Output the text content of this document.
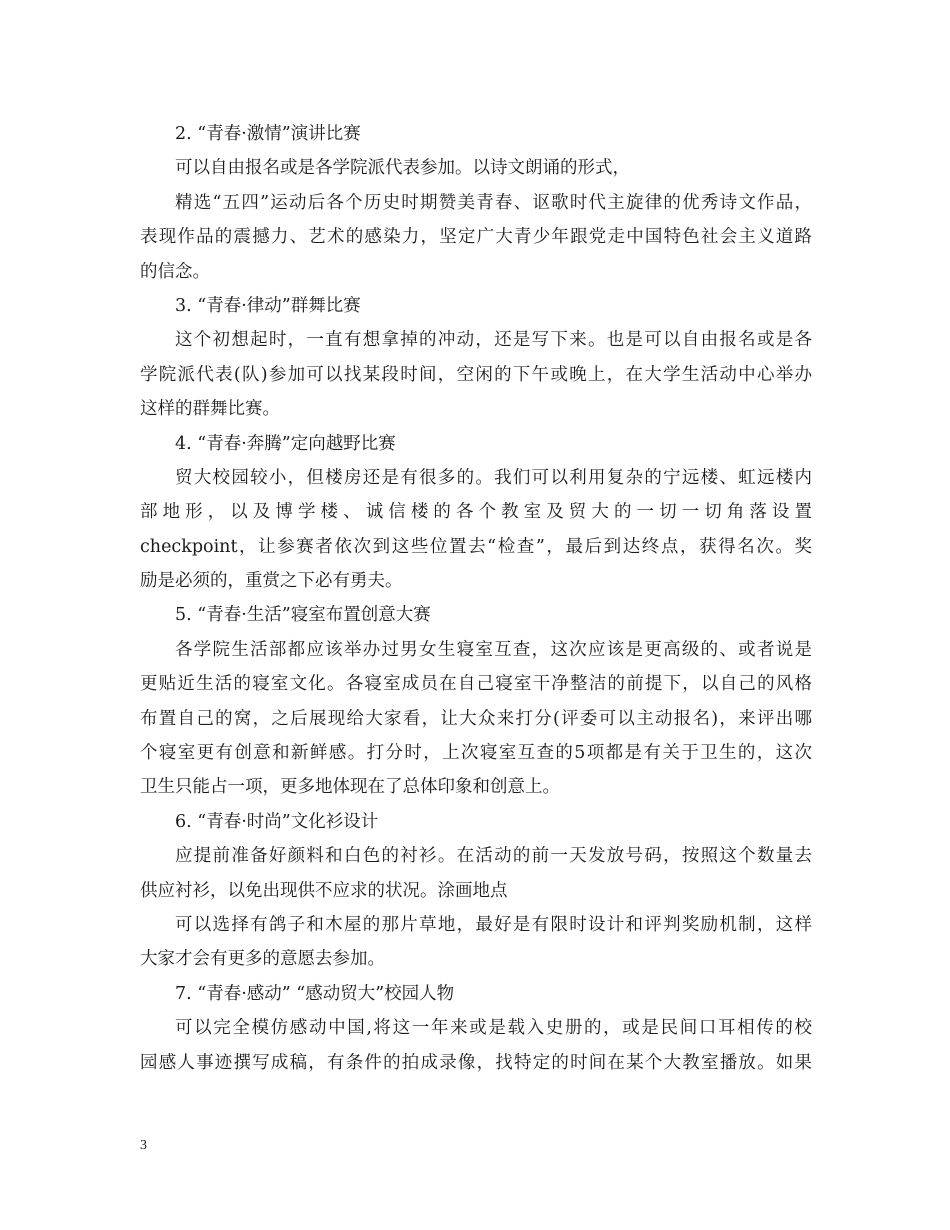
2. “青春·激情”演讲比赛
可以自由报名或是各学院派代表参加。以诗文朗诵的形式，
精选“五四”运动后各个历史时期赞美青春、讴歌时代主旋律的优秀诗文作品，
表现作品的震撼力、艺术的感染力，坚定广大青少年跟党走中国特色社会主义道路
的信念。
3. “青春·律动”群舞比赛
这个初想起时，一直有想拿掉的冲动，还是写下来。也是可以自由报名或是各
学院派代表(队)参加可以找某段时间，空闲的下午或晚上，在大学生活动中心举办
这样的群舞比赛。
4. “青春·奔腾”定向越野比赛
贸大校园较小，但楼房还是有很多的。我们可以利用复杂的宁远楼、虹远楼内
部地形，以及博学楼、诚信楼的各个教室及贸大的一切一切角落设置
checkpoint，让参赛者依次到这些位置去“检查”，最后到达终点，获得名次。奖
励是必须的，重赏之下必有勇夫。
5. “青春·生活”寝室布置创意大赛
各学院生活部都应该举办过男女生寝室互查，这次应该是更高级的、或者说是
更贴近生活的寝室文化。各寝室成员在自己寝室干净整洁的前提下，以自己的风格
布置自己的窝，之后展现给大家看，让大众来打分(评委可以主动报名)，来评出哪
个寝室更有创意和新鲜感。打分时，上次寝室互查的5项都是有关于卫生的，这次
卫生只能占一项，更多地体现在了总体印象和创意上。
6. “青春·时尚”文化衫设计
应提前准备好颜料和白色的衬衫。在活动的前一天发放号码，按照这个数量去
供应衬衫，以免出现供不应求的状况。涂画地点
可以选择有鸽子和木屋的那片草地，最好是有限时设计和评判奖励机制，这样
大家才会有更多的意愿去参加。
7. “青春·感动” “感动贸大”校园人物
可以完全模仿感动中国,将这一年来或是载入史册的，或是民间口耳相传的校
园感人事迹撰写成稿，有条件的拍成录像，找特定的时间在某个大教室播放。如果
3
